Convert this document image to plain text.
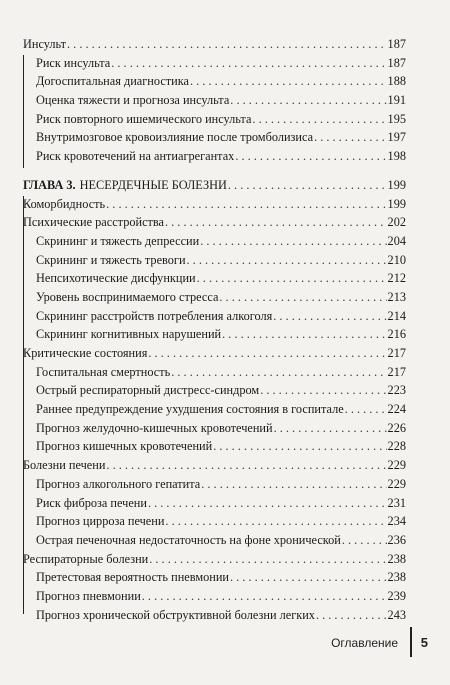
Инсульт . . .	187
Риск инсульта . . .	187
Догоспитальная диагностика . . .	188
Оценка тяжести и прогноза инсульта . . .	191
Риск повторного ишемического инсульта . . .	195
Внутримозговое кровоизлияние после тромболизиса . . .	197
Риск кровотечений на антиагрегантах . . .	198
ГЛАВА 3. НЕСЕРДЕЧНЫЕ БОЛЕЗНИ . . .	199
Коморбидность . . .	199
Психические расстройства . . .	202
Скрининг и тяжесть депрессии . . .	204
Скрининг и тяжесть тревоги . . .	210
Непсихотические дисфункции . . .	212
Уровень воспринимаемого стресса . . .	213
Скрининг расстройств потребления алкоголя . . .	214
Скрининг когнитивных нарушений . . .	216
Критические состояния . . .	217
Госпитальная смертность . . .	217
Острый респираторный дистресс-синдром . . .	223
Раннее предупреждение ухудшения состояния в госпитале . . .	224
Прогноз желудочно-кишечных кровотечений . . .	226
Прогноз кишечных кровотечений . . .	228
Болезни печени . . .	229
Прогноз алкогольного гепатита . . .	229
Риск фиброза печени . . .	231
Прогноз цирроза печени . . .	234
Острая печеночная недостаточность на фоне хронической . . .	236
Респираторные болезни . . .	238
Претестовая вероятность пневмонии . . .	238
Прогноз пневмонии . . .	239
Прогноз хронической обструктивной болезни легких . . .	243
Оглавление 5
